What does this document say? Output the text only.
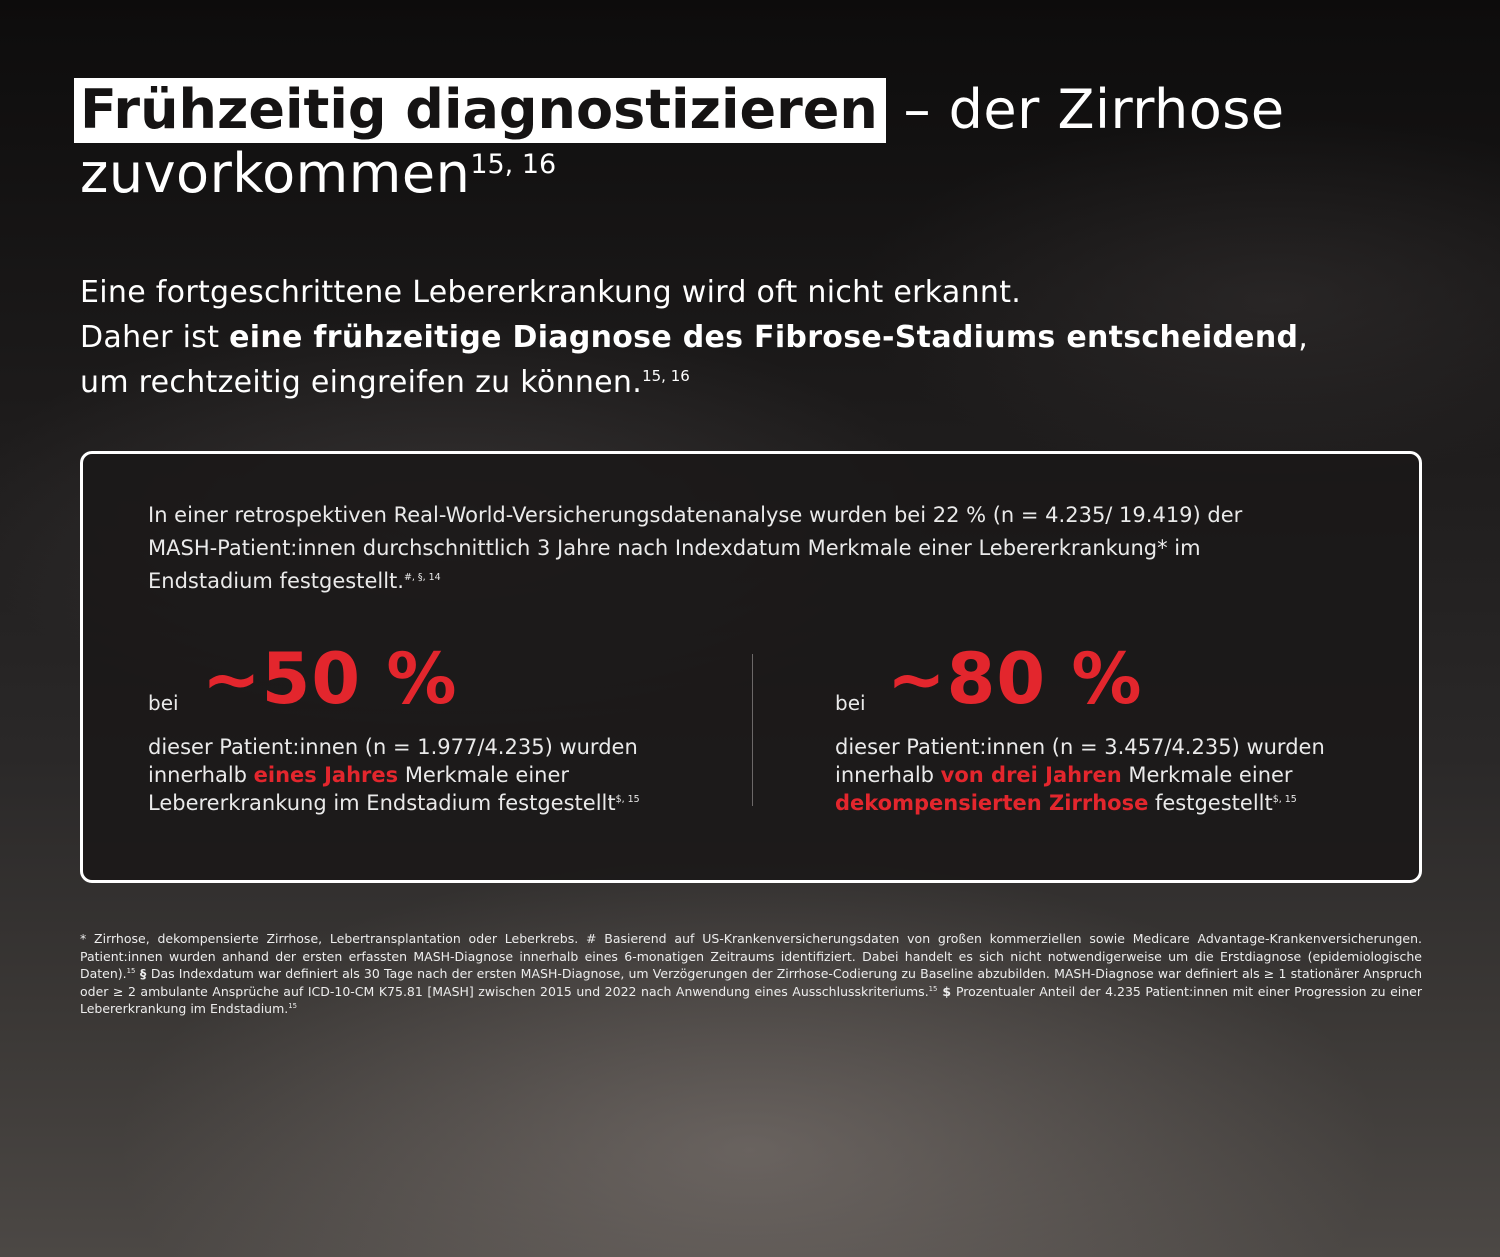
Frühzeitig diagnostizieren – der Zirrhose zuvorkommen$^{15, 16}$

Eine fortgeschrittene Lebererkrankung wird oft nicht erkannt.
Daher ist eine frühzeitige Diagnose des Fibrose-Stadiums entscheidend,
um rechtzeitig eingreifen zu können.$^{15, 16}$

In einer retrospektiven Real-World-Versicherungsdatenanalyse wurden bei 22 % (n = 4.235/ 19.419) der MASH-Patient:innen durchschnittlich 3 Jahre nach Indexdatum Merkmale einer Lebererkrankung* im Endstadium festgestellt.$^{\#, \S, 14}$

bei ~50 %

dieser Patient:innen (n = 1.977/4.235) wurden innerhalb eines Jahres Merkmale einer Lebererkrankung im Endstadium festgestellt$^{\$, 15}$

bei ~80 %

dieser Patient:innen (n = 3.457/4.235) wurden innerhalb von drei Jahren Merkmale einer dekompensierten Zirrhose festgestellt$^{\$, 15}$

* Zirrhose, dekompensierte Zirrhose, Lebertransplantation oder Leberkrebs. # Basierend auf US-Krankenversicherungsdaten von großen kommerziellen sowie Medicare Advantage-Krankenversicherungen. Patient:innen wurden anhand der ersten erfassten MASH-Diagnose innerhalb eines 6-monatigen Zeitraums identifiziert. Dabei handelt es sich nicht notwendigerweise um die Erstdiagnose (epidemiologische Daten).$^{15}$ § Das Indexdatum war definiert als 30 Tage nach der ersten MASH-Diagnose, um Verzögerungen der Zirrhose-Codierung zu Baseline abzubilden. MASH-Diagnose war definiert als ≥ 1 stationärer Anspruch oder ≥ 2 ambulante Ansprüche auf ICD-10-CM K75.81 [MASH] zwischen 2015 und 2022 nach Anwendung eines Ausschlusskriteriums.$^{15}$ $ Prozentualer Anteil der 4.235 Patient:innen mit einer Progression zu einer Lebererkrankung im Endstadium.$^{15}$
